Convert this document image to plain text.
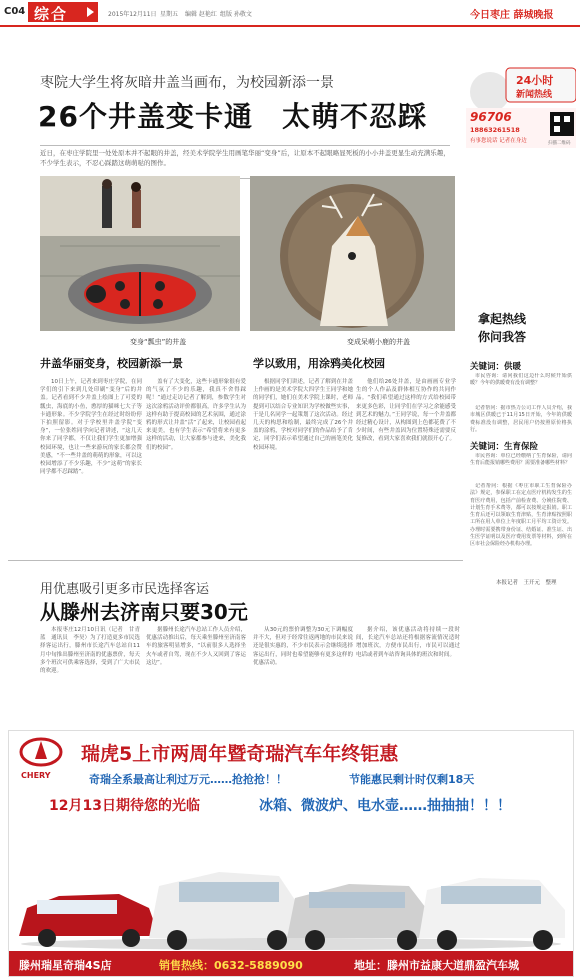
C04 综合	2015年12月11日 星期五 编辑 赵艳红 组版 孙敬文	今日枣庄 薛城晚报
枣院大学生将灰暗井盖当画布，为校园新添一景
26个井盖变卡通　太萌不忍踩
近日，在枣庄学院里一处处原本并不起眼的井盖，经美术学院学生用画笔华丽“变身”后，让原本不起眼略显死板的小小井盖更显生动充满乐趣，不少学生表示，不忍心踩踏这萌萌哒的图作。
变身“瓢虫”的井盖	变成呆萌小鹿的井盖
井盖华丽变身，校园新添一景	学以致用，用涂鸦美化校园
10日上午，记者来到枣庄学院，在同学们的引下来到几处印刷“变身”后的井盖。记者看到不少井盖上绘图上了可爱的瓢虫，海底的小鱼，憨厚的猫咪七大子等卡通形象。不少学院学生在经过时纷纷停下拍照留影。对于学校里井盖学院“变身”，一位张姓同学向记者讲述，“这几天你来了同学都，不仅让我们学生更加增强校园环境，也让一些来游玩的家长都会赞美感，“不一些井盖的萌萌的形象，可以这校园增添了不少乐趣，不少“这萌”的家长同学都不忍踩踏”。
盖有了大变化，这些卡通形象很有爱的气氛了不少的乐趣，我真不舍得踩呢！”通过走访记者了解到，参数学生对这次涂鸦活动评价都很高，许多学生认为这样有助于提高校园的艺术氛围，通过涂鸦的形式让井盖“活”了起来，让校园看起来更美，也有学生表示“希望将来有更多这样的活动，让大家都参与进来，美化我们的校园”。
根据同学们讲述，记者了解到在井盖上作画的是美术学院大四学生王同学和她的同学们，她们在美术学院上课时，老师提到可以结合专业知识为学校做些实事，于是几名同学一起策划了这次活动。经过几天的构思和绘制，最终完成了26个井盖的涂鸦，学校对同学们的作品给予了肯定，同学们表示希望通过自己的画笔美化校园环境。
他们给26处井盖，是由画画专业学生的个人作品及群体相互协作的共同作品。“我们希望通过这样的方式给校园带来更多色彩，让同学们在学习之余能感受到艺术的魅力。”王同学说，每一个井盖都经过精心设计，从构图到上色都花费了不少时间，有些井盖因为位置特殊还需要反复修改，看到大家喜欢我们就很开心了。
24小时
新闻热线
96706
18863261518
有事您说话 记者在身边	扫描二维码
拿起热线
你问我答
关键词：供暖
市民咨询：请问我们这边什么时候开始供暖？今年的供暖费有没有调整？
记者帮问：据市热力公司工作人员介绍，我市城区供暖已于11月15日开始，今年的供暖费标准没有调整，居民用户仍按照原价格执行。
关键词：生育保险
市民咨询：单位已经缴纳了生育保险，请问生育后能报销哪些费用？需要准备哪些材料？
记者帮问：根据《枣庄市职工生育保险办法》规定，参保职工在定点医疗机构发生的生育医疗费用，包括产前检查费、分娩住院费、计划生育手术费等，都可以按规定报销。职工生育后还可以领取生育津贴，生育津贴按照职工所在用人单位上年度职工月平均工资计发。办理时需要携带身份证、结婚证、准生证、出生医学证明以及医疗费用发票等材料，到所在区市社会保险经办机构办理。
本报记者　王开元　整理
用优惠吸引更多市民选择客运
从滕州去济南只要30元
本报枣庄12月10日讯（记者　甘青蓝　通讯员　李昊）为了打造更多市民选择客运出行，滕州市长途汽车总站自11月中旬推出滕州至济南的优惠票价，每天多个班次可供乘客选择，受到了广大市民的欢迎。
据滕州长途汽车总站工作人员介绍，优惠活动推出后，每天乘坐滕州至济南客车的旅客明显增多，“以前很多人选择坐火车或者自驾，现在不少人又回到了客运这边”。
从30元的票价调整为30元下调幅度并不大，但对于经常往返两地的市民来说还是很实惠的，不少市民表示会继续选择客运出行，同时也希望能够有更多这样的优惠活动。
据介绍，该优惠活动将持续一段时间，长途汽车总站还将根据客流情况适时增加班次，方便市民出行，市民可以通过电话或者到车站咨询具体的班次和时间。
CHERY
瑞虎5上市两周年暨奇瑞汽车年终钜惠
奇瑞全系最高让利过万元……抢抢抢！！	节能惠民剩计时仅剩18天
12月13日期待您的光临	冰箱、微波炉、电水壶……抽抽抽！！！
滕州瑞星奇瑞4S店	销售热线：0632-5889090	地址：滕州市益康大道鼎盈汽车城
